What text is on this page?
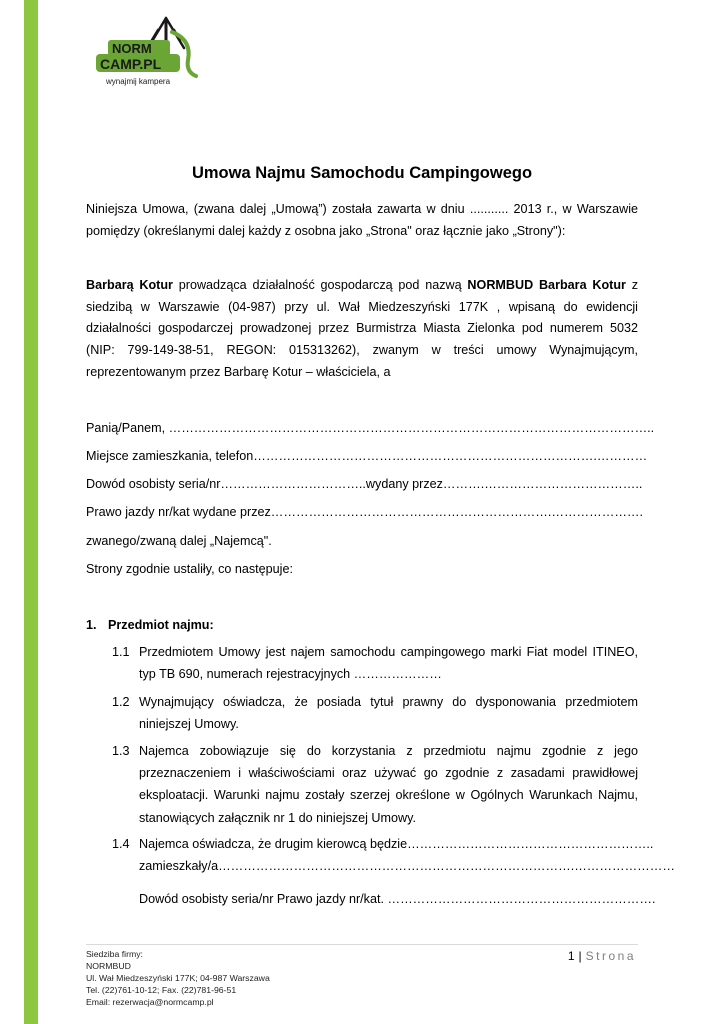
NORM
CAMP.PL
wynajmij kampera
Umowa Najmu Samochodu Campingowego

Niniejsza Umowa, (zwana dalej „Umową”) została zawarta w dniu ........... 2013 r., w Warszawie pomiędzy (określanymi dalej każdy z osobna jako „Strona" oraz łącznie jako „Strony"):

Barbarą Kotur prowadząca działalność gospodarczą pod nazwą NORMBUD Barbara Kotur z siedzibą w Warszawie (04-987) przy ul. Wał Miedzeszyński 177K , wpisaną do ewidencji działalności gospodarczej prowadzonej przez Burmistrza Miasta Zielonka pod numerem 5032 (NIP: 799-149-38-51, REGON: 015313262), zwanym w treści umowy Wynajmującym, reprezentowanym przez Barbarę Kotur – właściciela, a

Panią/Panem, ……………………………………………………………………………………………………..
Miejsce zamieszkania, telefon……………………………………………………………………….…………
Dowód osobisty seria/nr……………………………..wydany przez……….………………………………..
Prawo jazdy nr/kat wydane przez………………………………………………………….………………….
zwanego/zwaną dalej „Najemcą".
Strony zgodnie ustaliły, co następuje:
1. Przedmiot najmu:
1.1 Przedmiotem Umowy jest najem samochodu campingowego marki Fiat model ITINEO, typ TB 690, numerach rejestracyjnych …………………
1.2 Wynajmujący oświadcza, że posiada tytuł prawny do dysponowania przedmiotem niniejszej Umowy.
1.3 Najemca zobowiązuje się do korzystania z przedmiotu najmu zgodnie z jego przeznaczeniem i właściwościami oraz używać go zgodnie z zasadami prawidłowej eksploatacji. Warunki najmu zostały szerzej określone w Ogólnych Warunkach Najmu, stanowiących załącznik nr 1 do niniejszej Umowy.
1.4 Najemca oświadcza, że drugim kierowcą będzie…………………………………………………..
zamieszkały/a………………………………………………………………………….……………………
Dowód osobisty seria/nr Prawo jazdy nr/kat. ……………………………………………………….
Siedziba firmy:
NORMBUD
Ul. Wał Miedzeszyński 177K; 04-987 Warszawa
Tel. (22)761-10-12; Fax. (22)781-96-51
Email: rezerwacja@normcamp.pl
1 | Strona
